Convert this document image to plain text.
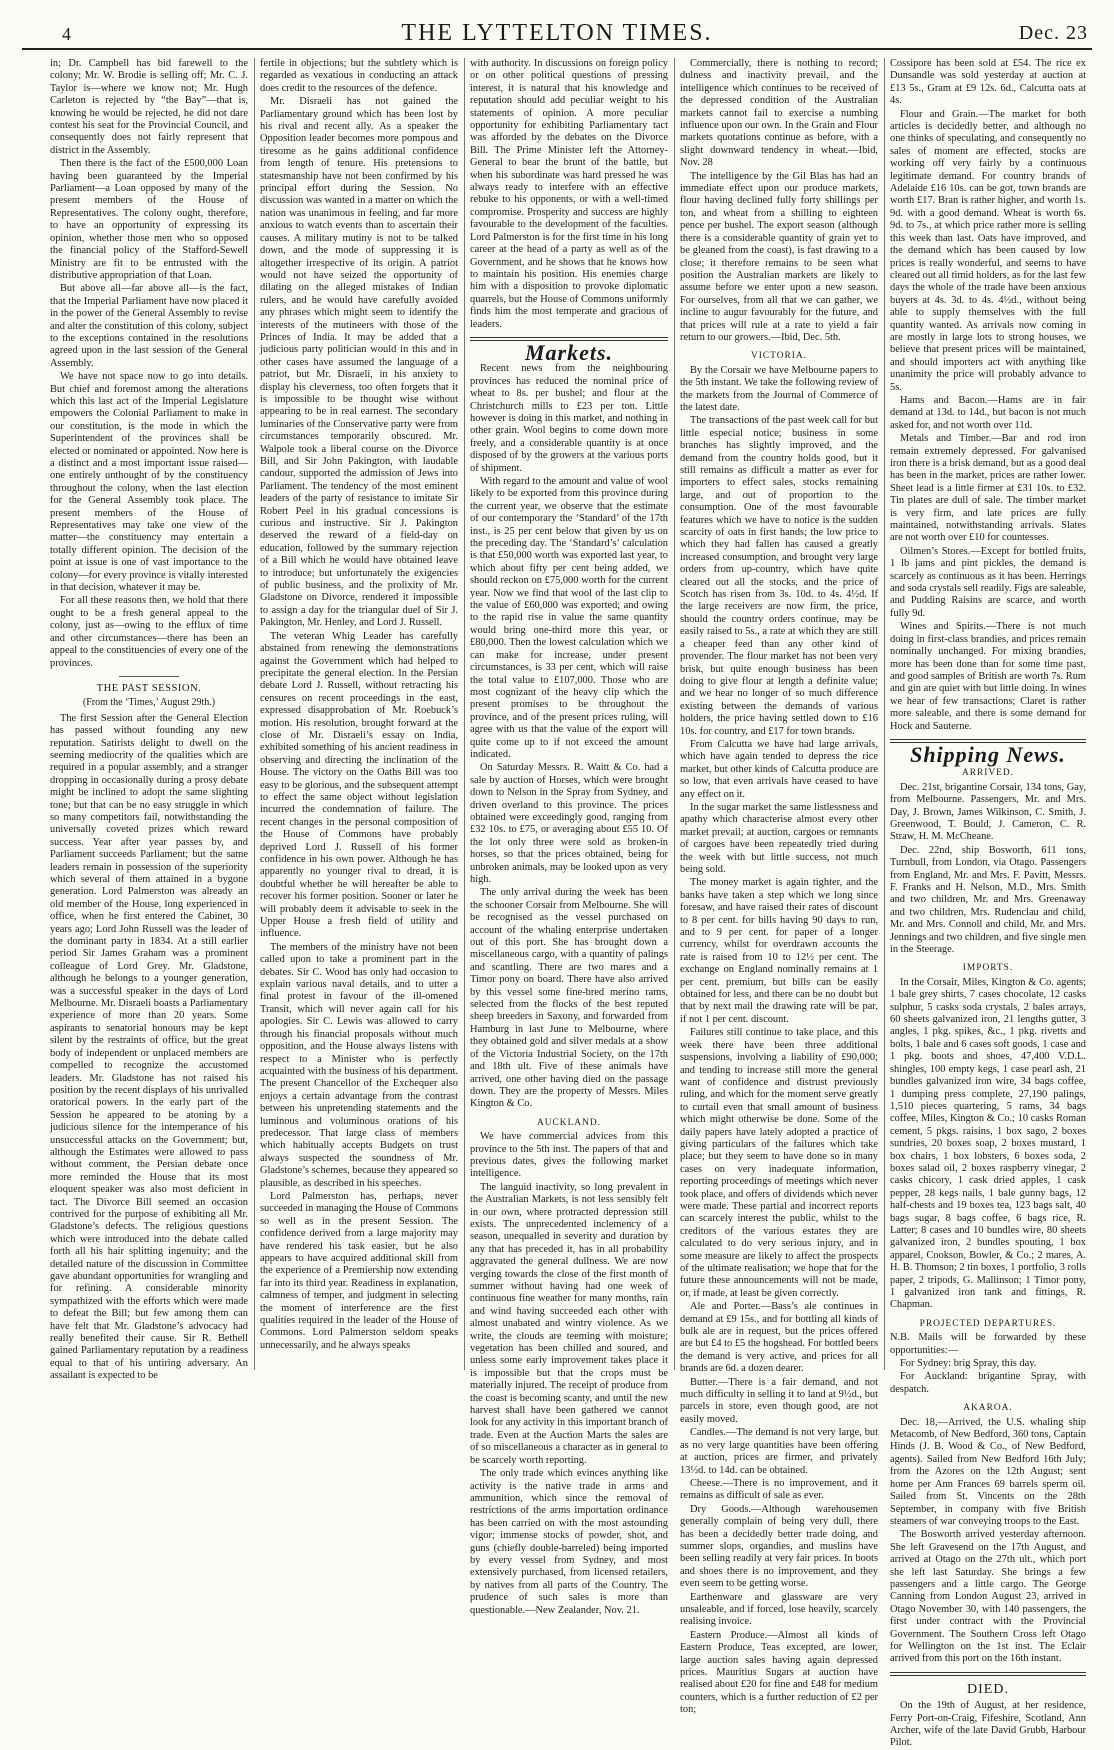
4	THE LYTTELTON TIMES.	Dec. 23

in; Dr. Campbell has bid farewell to the colony; Mr. W. Brodie is selling off; Mr. C. J. Taylor is—where we know not; Mr. Hugh Carleton is rejected by “the Bay”—that is, knowing he would be rejected, he did not dare contest his seat for the Provincial Council, and consequently does not fairly represent that district in the Assembly.

Then there is the fact of the £500,000 Loan having been guaranteed by the Imperial Parliament—a Loan opposed by many of the present members of the House of Representatives. The colony ought, therefore, to have an opportunity of expressing its opinion, whether those men who so opposed the financial policy of the Stafford-Sewell Ministry are fit to be entrusted with the distributive appropriation of that Loan.

But above all—far above all—is the fact, that the Imperial Parliament have now placed it in the power of the General Assembly to revise and alter the constitution of this colony, subject to the exceptions contained in the resolutions agreed upon in the last session of the General Assembly.

We have not space now to go into details. But chief and foremost among the alterations which this last act of the Imperial Legislature empowers the Colonial Parliament to make in our constitution, is the mode in which the Superintendent of the provinces shall be elected or nominated or appointed. Now here is a distinct and a most important issue raised—one entirely unthought of by the constituency throughout the colony, when the last election for the General Assembly took place. The present members of the House of Representatives may take one view of the matter—the constituency may entertain a totally different opinion. The decision of the point at issue is one of vast importance to the colony—for every province is vitally interested in that decision, whatever it may be.

For all these reasons then, we hold that there ought to be a fresh general appeal to the colony, just as—owing to the efflux of time and other circumstances—there has been an appeal to the constituencies of every one of the provinces.

THE PAST SESSION.
(From the ‘Times,’ August 29th.)

The first Session after the General Election has passed without founding any new reputation. Satirists delight to dwell on the seeming mediocrity of the qualities which are required in a popular assembly, and a stranger dropping in occasionally during a prosy debate might be inclined to adopt the same slighting tone; but that can be no easy struggle in which so many competitors fail, notwithstanding the universally coveted prizes which reward success. Year after year passes by, and Parliament succeeds Parliament; but the same leaders remain in possession of the superiority which several of them attained in a bygone generation. Lord Palmerston was already an old member of the House, long experienced in office, when he first entered the Cabinet, 30 years ago; Lord John Russell was the leader of the dominant party in 1834. At a still earlier period Sir James Graham was a prominent colleague of Lord Grey. Mr. Gladstone, although he belongs to a younger generation, was a successful speaker in the days of Lord Melbourne. Mr. Disraeli boasts a Parliamentary experience of more than 20 years. Some aspirants to senatorial honours may be kept silent by the restraints of office, but the great body of independent or unplaced members are compelled to recognize the accustomed leaders. Mr. Gladstone has not raised his position by the recent displays of his unrivalled oratorical powers. In the early part of the Session he appeared to be atoning by a judicious silence for the intemperance of his unsuccessful attacks on the Government; but, although the Estimates were allowed to pass without comment, the Persian debate once more reminded the House that its most eloquent speaker was also most deficient in tact. The Divorce Bill seemed an occasion contrived for the purpose of exhibiting all Mr. Gladstone’s defects. The religious questions which were introduced into the debate called forth all his hair splitting ingenuity; and the detailed nature of the discussion in Committee gave abundant opportunities for wrangling and for refining. A considerable minority sympathized with the efforts which were made to defeat the Bill; but few among them can have felt that Mr. Gladstone’s advocacy had really benefited their cause. Sir R. Bethell gained Parliamentary reputation by a readiness equal to that of his untiring adversary. An assailant is expected to be

fertile in objections; but the subtlety which is regarded as vexatious in conducting an attack does credit to the resources of the defence.

Mr. Disraeli has not gained the Parliamentary ground which has been lost by his rival and recent ally. As a speaker the Opposition leader becomes more pompous and tiresome as he gains additional confidence from length of tenure. His pretensions to statesmanship have not been confirmed by his principal effort during the Session. No discussion was wanted in a matter on which the nation was unanimous in feeling, and far more anxious to watch events than to ascertain their causes. A military mutiny is not to be talked down, and the mode of suppressing it is altogether irrespective of its origin. A patriot would not have seized the opportunity of dilating on the alleged mistakes of Indian rulers, and he would have carefully avoided any phrases which might seem to identify the interests of the mutineers with those of the Princes of India. It may be added that a judicious party politician would in this and in other cases have assumed the language of a patriot, but Mr. Disraeli, in his anxiety to display his cleverness, too often forgets that it is impossible to be thought wise without appearing to be in real earnest. The secondary luminaries of the Conservative party were from circumstances temporarily obscured. Mr. Walpole took a liberal course on the Divorce Bill, and Sir John Pakington, with laudable candour, supported the admission of Jews into Parliament. The tendency of the most eminent leaders of the party of resistance to imitate Sir Robert Peel in his gradual concessions is curious and instructive. Sir J. Pakington deserved the reward of a field-day on education, followed by the summary rejection of a Bill which he would have obtained leave to introduce; but unfortunately the exigencies of public business, and the prolixity of Mr. Gladstone on Divorce, rendered it impossible to assign a day for the triangular duel of Sir J. Pakington, Mr. Henley, and Lord J. Russell.

The veteran Whig Leader has carefully abstained from renewing the demonstrations against the Government which had helped to precipitate the general election. In the Persian debate Lord J. Russell, without retracting his censures on recent proceedings in the east, expressed disapprobation of Mr. Roebuck’s motion. His resolution, brought forward at the close of Mr. Disraeli’s essay on India, exhibited something of his ancient readiness in observing and directing the inclination of the House. The victory on the Oaths Bill was too easy to be glorious, and the subsequent attempt to effect the same object without legislation incurred the condemnation of failure. The recent changes in the personal composition of the House of Commons have probably deprived Lord J. Russell of his former confidence in his own power. Although he has apparently no younger rival to dread, it is doubtful whether he will hereafter be able to recover his former position. Sooner or later he will probably deem it advisable to seek in the Upper House a fresh field of utility and influence.

The members of the ministry have not been called upon to take a prominent part in the debates. Sir C. Wood has only had occasion to explain various naval details, and to utter a final protest in favour of the ill-omened Transit, which will never again call for his apologies. Sir C. Lewis was allowed to carry through his financial proposals without much opposition, and the House always listens with respect to a Minister who is perfectly acquainted with the business of his department. The present Chancellor of the Exchequer also enjoys a certain advantage from the contrast between his unpretending statements and the luminous and voluminous orations of his predecessor. That large class of members which habitually accepts Budgets on trust always suspected the soundness of Mr. Gladstone’s schemes, because they appeared so plausible, as described in his speeches.

Lord Palmerston has, perhaps, never succeeded in managing the House of Commons so well as in the present Session. The confidence derived from a large majority may have rendered his task easier, but he also appears to have acquired additional skill from the experience of a Premiership now extending far into its third year. Readiness in explanation, calmness of temper, and judgment in selecting the moment of interference are the first qualities required in the leader of the House of Commons. Lord Palmerston seldom speaks unnecessarily, and he always speaks

with authority. In discussions on foreign policy or on other political questions of pressing interest, it is natural that his knowledge and reputation should add peculiar weight to his statements of opinion. A more peculiar opportunity for exhibiting Parliamentary tact was afforded by the debates on the Divorce Bill. The Prime Minister left the Attorney-General to bear the brunt of the battle, but when his subordinate was hard pressed he was always ready to interfere with an effective rebuke to his opponents, or with a well-timed compromise. Prosperity and success are highly favourable to the development of the faculties. Lord Palmerston is for the first time in his long career at the head of a party as well as of the Government, and he shows that he knows how to maintain his position. His enemies charge him with a disposition to provoke diplomatic quarrels, but the House of Commons uniformly finds him the most temperate and gracious of leaders.

Markets.

Recent news from the neighbouring provinces has reduced the nominal price of wheat to 8s. per bushel; and flour at the Christchurch mills to £23 per ton. Little however is doing in this market, and nothing in other grain. Wool begins to come down more freely, and a considerable quantity is at once disposed of by the growers at the various ports of shipment.

With regard to the amount and value of wool likely to be exported from this province during the current year, we observe that the estimate of our contemporary the ‘Standard’ of the 17th inst., is 25 per cent below that given by us on the preceding day. The ‘Standard’s’ calculation is that £50,000 worth was exported last year, to which about fifty per cent being added, we should reckon on £75,000 worth for the current year. Now we find that wool of the last clip to the value of £60,000 was exported; and owing to the rapid rise in value the same quantity would bring one-third more this year, or £80,000. Then the lowest calculation which we can make for increase, under present circumstances, is 33 per cent, which will raise the total value to £107,000. Those who are most cognizant of the heavy clip which the present promises to be throughout the province, and of the present prices ruling, will agree with us that the value of the export will quite come up to if not exceed the amount indicated.

On Saturday Messrs. R. Waitt & Co. had a sale by auction of Horses, which were brought down to Nelson in the Spray from Sydney, and driven overland to this province. The prices obtained were exceedingly good, ranging from £32 10s. to £75, or averaging about £55 10. Of the lot only three were sold as broken-in horses, so that the prices obtained, being for unbroken animals, may be looked upon as very high.

The only arrival during the week has been the schooner Corsair from Melbourne. She will be recognised as the vessel purchased on account of the whaling enterprise undertaken out of this port. She has brought down a miscellaneous cargo, with a quantity of palings and scantling. There are two mares and a Timor pony on board. There have also arrived by this vessel some fine-bred merino rams, selected from the flocks of the best reputed sheep breeders in Saxony, and forwarded from Hamburg in last June to Melbourne, where they obtained gold and silver medals at a show of the Victoria Industrial Society, on the 17th and 18th ult. Five of these animals have arrived, one other having died on the passage down. They are the property of Messrs. Miles Kington & Co.

AUCKLAND.

We have commercial advices from this province to the 5th inst. The papers of that and previous dates, gives the following market intelligence.

The languid inactivity, so long prevalent in the Australian Markets, is not less sensibly felt in our own, where protracted depression still exists. The unprecedented inclemency of a season, unequalled in severity and duration by any that has preceded it, has in all probability aggravated the general dullness. We are now verging towards the close of the first month of summer without having had one week of continuous fine weather for many months, rain and wind having succeeded each other with almost unabated and wintry violence. As we write, the clouds are teeming with moisture; vegetation has been chilled and soured, and unless some early improvement takes place it is impossible but that the crops must be materially injured. The receipt of produce from the coast is becoming scanty, and until the new harvest shall have been gathered we cannot look for any activity in this important branch of trade. Even at the Auction Marts the sales are of so miscellaneous a character as in general to be scarcely worth reporting.

The only trade which evinces anything like activity is the native trade in arms and ammunition, which since the removal of restrictions of the arms importation ordinance has been carried on with the most astounding vigor; immense stocks of powder, shot, and guns (chiefly double-barreled) being imported by every vessel from Sydney, and most extensively purchased, from licensed retailers, by natives from all parts of the Country. The prudence of such sales is more than questionable.—New Zealander, Nov. 21.

Commercially, there is nothing to record; dulness and inactivity prevail, and the intelligence which continues to be received of the depressed condition of the Australian markets cannot fail to exercise a numbing influence upon our own. In the Grain and Flour markets quotations continue as before, with a slight downward tendency in wheat.—Ibid, Nov. 28

The intelligence by the Gil Blas has had an immediate effect upon our produce markets, flour having declined fully forty shillings per ton, and wheat from a shilling to eighteen pence per bushel. The export season (although there is a considerable quantity of grain yet to be gleaned from the coast), is fast drawing to a close; it therefore remains to be seen what position the Australian markets are likely to assume before we enter upon a new season. For ourselves, from all that we can gather, we incline to augur favourably for the future, and that prices will rule at a rate to yield a fair return to our growers.—Ibid, Dec. 5th.

VICTORIA.

By the Corsair we have Melbourne papers to the 5th instant. We take the following review of the markets from the Journal of Commerce of the latest date.

The transactions of the past week call for but little especial notice; business in some branches has slightly improved, and the demand from the country holds good, but it still remains as difficult a matter as ever for importers to effect sales, stocks remaining large, and out of proportion to the consumption. One of the most favourable features which we have to notice is the sudden scarcity of oats in first hands; the low price to which they had fallen has caused a greatly increased consumption, and brought very large orders from up-country, which have quite cleared out all the stocks, and the price of Scotch has risen from 3s. 10d. to 4s. 4½d. If the large receivers are now firm, the price, should the country orders continue, may be easily raised to 5s., a rate at which they are still a cheaper feed than any other kind of provender. The flour market has not been very brisk, but quite enough business has been doing to give flour at length a definite value; and we hear no longer of so much difference existing between the demands of various holders, the price having settled down to £16 10s. for country, and £17 for town brands.

From Calcutta we have had large arrivals, which have again tended to depress the rice market, but other kinds of Calcutta produce are so low, that even arrivals have ceased to have any effect on it.

In the sugar market the same listlessness and apathy which characterise almost every other market prevail; at auction, cargoes or remnants of cargoes have been repeatedly tried during the week with but little success, not much being sold.

The money market is again tighter, and the banks have taken a step which we long since foresaw, and have raised their rates of discount to 8 per cent. for bills having 90 days to run, and to 9 per cent. for paper of a longer currency, whilst for overdrawn accounts the rate is raised from 10 to 12½ per cent. The exchange on England nominally remains at 1 per cent. premium, but bills can be easily obtained for less, and there can be no doubt but that by next mail the drawing rate will be par, if not 1 per cent. discount.

Failures still continue to take place, and this week there have been three additional suspensions, involving a liability of £90,000; and tending to increase still more the general want of confidence and distrust previously ruling, and which for the moment serve greatly to curtail even that small amount of business which might otherwise be done. Some of the daily papers have lately adopted a practice of giving particulars of the failures which take place; but they seem to have done so in many cases on very inadequate information, reporting proceedings of meetings which never took place, and offers of dividends which never were made. These partial and incorrect reports can scarcely interest the public, whilst to the creditors of the various estates they are calculated to do very serious injury, and in some measure are likely to affect the prospects of the ultimate realisation; we hope that for the future these announcements will not be made, or, if made, at least be given correctly.

Ale and Porter.—Bass’s ale continues in demand at £9 15s., and for bottling all kinds of bulk ale are in request, but the prices offered are but £4 to £5 the hogshead. For bottled beers the demand is very active, and prices for all brands are 6d. a dozen dearer.

Butter.—There is a fair demand, and not much difficulty in selling it to land at 9½d., but parcels in store, even though good, are not easily moved.

Candles.—The demand is not very large, but as no very large quantities have been offering at auction, prices are firmer, and privately 13½d. to 14d. can be obtained.

Cheese.—There is no improvement, and it remains as difficult of sale as ever.

Dry Goods.—Although warehousemen generally complain of being very dull, there has been a decidedly better trade doing, and summer slops, organdies, and muslins have been selling readily at very fair prices. In boots and shoes there is no improvement, and they even seem to be getting worse.

Earthenware and glassware are very unsaleable, and if forced, lose heavily, scarcely realising invoice.

Eastern Produce.—Almost all kinds of Eastern Produce, Teas excepted, are lower, large auction sales having again depressed prices. Mauritius Sugars at auction have realised about £20 for fine and £48 for medium counters, which is a further reduction of £2 per ton;

Cossipore has been sold at £54. The rice ex Dunsandle was sold yesterday at auction at £13 5s., Gram at £9 12s. 6d., Calcutta oats at 4s.

Flour and Grain.—The market for both articles is decidedly better, and although no one thinks of speculating, and consequently no sales of moment are effected, stocks are working off very fairly by a continuous legitimate demand. For country brands of Adelaide £16 10s. can be got, town brands are worth £17. Bran is rather higher, and worth 1s. 9d. with a good demand. Wheat is worth 6s. 9d. to 7s., at which price rather more is selling this week than last. Oats have improved, and the demand which has been caused by low prices is really wonderful, and seems to have cleared out all timid holders, as for the last few days the whole of the trade have been anxious buyers at 4s. 3d. to 4s. 4½d., without being able to supply themselves with the full quantity wanted. As arrivals now coming in are mostly in large lots to strong houses, we believe that present prices will be maintained, and should importers act with anything like unanimity the price will probably advance to 5s.

Hams and Bacon.—Hams are in fair demand at 13d. to 14d., but bacon is not much asked for, and not worth over 11d.

Metals and Timber.—Bar and rod iron remain extremely depressed. For galvanised iron there is a brisk demand, but as a good deal has been in the market, prices are rather lower. Sheet lead is a little firmer at £31 10s. to £32. Tin plates are dull of sale. The timber market is very firm, and late prices are fully maintained, notwithstanding arrivals. Slates are not worth over £10 for countesses.

Oilmen’s Stores.—Except for bottled fruits, 1 lb jams and pint pickles, the demand is scarcely as continuous as it has been. Herrings and soda crystals sell readily. Figs are saleable, and Pudding Raisins are scarce, and worth fully 9d.

Wines and Spirits.—There is not much doing in first-class brandies, and prices remain nominally unchanged. For mixing brandies, more has been done than for some time past, and good samples of British are worth 7s. Rum and gin are quiet with but little doing. In wines we hear of few transactions; Claret is rather more saleable, and there is some demand for Hock and Sauterne.

Shipping News.
ARRIVED.

Dec. 21st, brigantine Corsair, 134 tons, Gay, from Melbourne. Passengers, Mr. and Mrs. Day, J. Brown, James Wilkinson, C. Smith, J. Greenwood, T. Bould, J. Cameron, C. R. Straw, H. M. McCheane.

Dec. 22nd, ship Bosworth, 611 tons, Turnbull, from London, via Otago. Passengers from England, Mr. and Mrs. F. Pavitt, Messrs. F. Franks and H. Nelson, M.D., Mrs. Smith and two children, Mr. and Mrs. Greenaway and two children, Mrs. Rudenclau and child, Mr. and Mrs. Connoll and child, Mr. and Mrs. Jennings and two children, and five single men in the Steerage.

IMPORTS.

In the Corsair, Miles, Kington & Co. agents; 1 bale grey shirts, 7 cases chocolate, 12 casks sulphur, 5 casks soda crystals, 2 bales arrays, 60 sheets galvanized iron, 21 lengths gutter, 3 angles, 1 pkg. spikes, &c., 1 pkg. rivetts and bolts, 1 bale and 6 cases soft goods, 1 case and 1 pkg. boots and shoes, 47,400 V.D.L. shingles, 100 empty kegs, 1 case pearl ash, 21 bundles galvanized iron wire, 34 bags coffee, 1 dumping press complete, 27,190 palings, 1,510 pieces quartering, 5 rams, 34 bags coffee, Miles, Kington & Co.; 10 casks Roman cement, 5 pkgs. raisins, 1 box sago, 2 boxes sundries, 20 boxes soap, 2 boxes mustard, 1 box chairs, 1 box lobsters, 6 boxes soda, 2 boxes salad oil, 2 boxes raspberry vinegar, 2 casks chicory, 1 cask dried apples, 1 cask pepper, 28 kegs nails, 1 bale gunny bags, 12 half-chests and 19 boxes tea, 123 bags salt, 40 bags sugar, 8 bags coffee, 6 bags rice, R. Latter; 8 cases and 10 bundles wire, 80 sheets galvanized iron, 2 bundles spouting, 1 box apparel, Cookson, Bowler, & Co.; 2 mares, A. H. B. Thomson; 2 tin boxes, 1 portfolio, 3 rolls paper, 2 tripods, G. Mallinson; 1 Timor pony, 1 galvanized iron tank and fittings, R. Chapman.

PROJECTED DEPARTURES.

N.B. Mails will be forwarded by these opportunities:—

For Sydney: brig Spray, this day.

For Auckland: brigantine Spray, with despatch.

AKAROA.

Dec. 18,—Arrived, the U.S. whaling ship Metacomb, of New Bedford, 360 tons, Captain Hinds (J. B. Wood & Co., of New Bedford, agents). Sailed from New Bedford 16th July; from the Azores on the 12th August; sent home per Ann Frances 69 barrels sperm oil. Sailed from St. Vincents on the 28th September, in company with five British steamers of war conveying troops to the East.

The Bosworth arrived yesterday afternoon. She left Gravesend on the 17th August, and arrived at Otago on the 27th ult., which port she left last Saturday. She brings a few passengers and a little cargo. The George Canning from London August 23, arrived in Otago November 30, with 140 passengers, the first under contract with the Provincial Government. The Southern Cross left Otago for Wellington on the 1st inst. The Eclair arrived from this port on the 16th instant.

DIED.

On the 19th of August, at her residence, Ferry Port-on-Craig, Fifeshire, Scotland, Ann Archer, wife of the late David Grubb, Harbour Pilot.
